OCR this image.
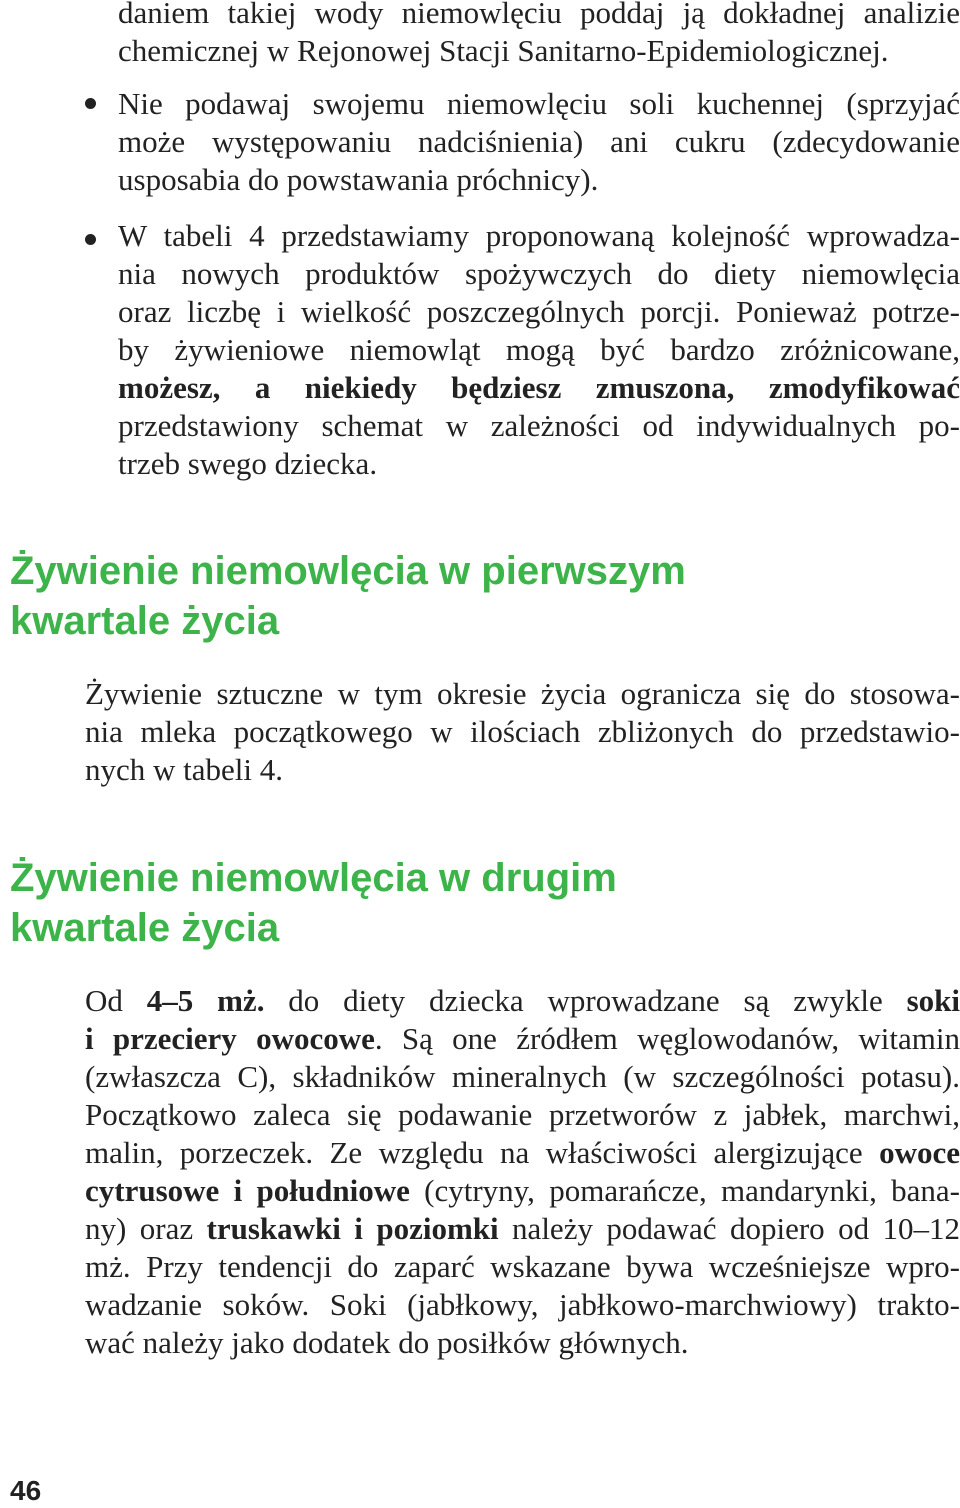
daniem takiej wody niemowlęciu poddaj ją dokładnej analizie
chemicznej w Rejonowej Stacji Sanitarno-Epidemiologicznej.
Nie podawaj swojemu niemowlęciu soli kuchennej (sprzyjać
może występowaniu nadciśnienia) ani cukru (zdecydowanie
usposabia do powstawania próchnicy).
W tabeli 4 przedstawiamy proponowaną kolejność wprowadza-
nia nowych produktów spożywczych do diety niemowlęcia
oraz liczbę i wielkość poszczególnych porcji. Ponieważ potrze-
by żywieniowe niemowląt mogą być bardzo zróżnicowane,
możesz, a niekiedy będziesz zmuszona, zmodyfikować
przedstawiony schemat w zależności od indywidualnych po-
trzeb swego dziecka.
Żywienie niemowlęcia w pierwszym
kwartale życia
Żywienie sztuczne w tym okresie życia ogranicza się do stosowa-
nia mleka początkowego w ilościach zbliżonych do przedstawio-
nych w tabeli 4.
Żywienie niemowlęcia w drugim
kwartale życia
Od 4–5 mż. do diety dziecka wprowadzane są zwykle soki
i przeciery owocowe. Są one źródłem węglowodanów, witamin
(zwłaszcza C), składników mineralnych (w szczególności potasu).
Początkowo zaleca się podawanie przetworów z jabłek, marchwi,
malin, porzeczek. Ze względu na właściwości alergizujące owoce
cytrusowe i południowe (cytryny, pomarańcze, mandarynki, bana-
ny) oraz truskawki i poziomki należy podawać dopiero od 10–12
mż. Przy tendencji do zaparć wskazane bywa wcześniejsze wpro-
wadzanie soków. Soki (jabłkowy, jabłkowo-marchwiowy) trakto-
wać należy jako dodatek do posiłków głównych.
46
